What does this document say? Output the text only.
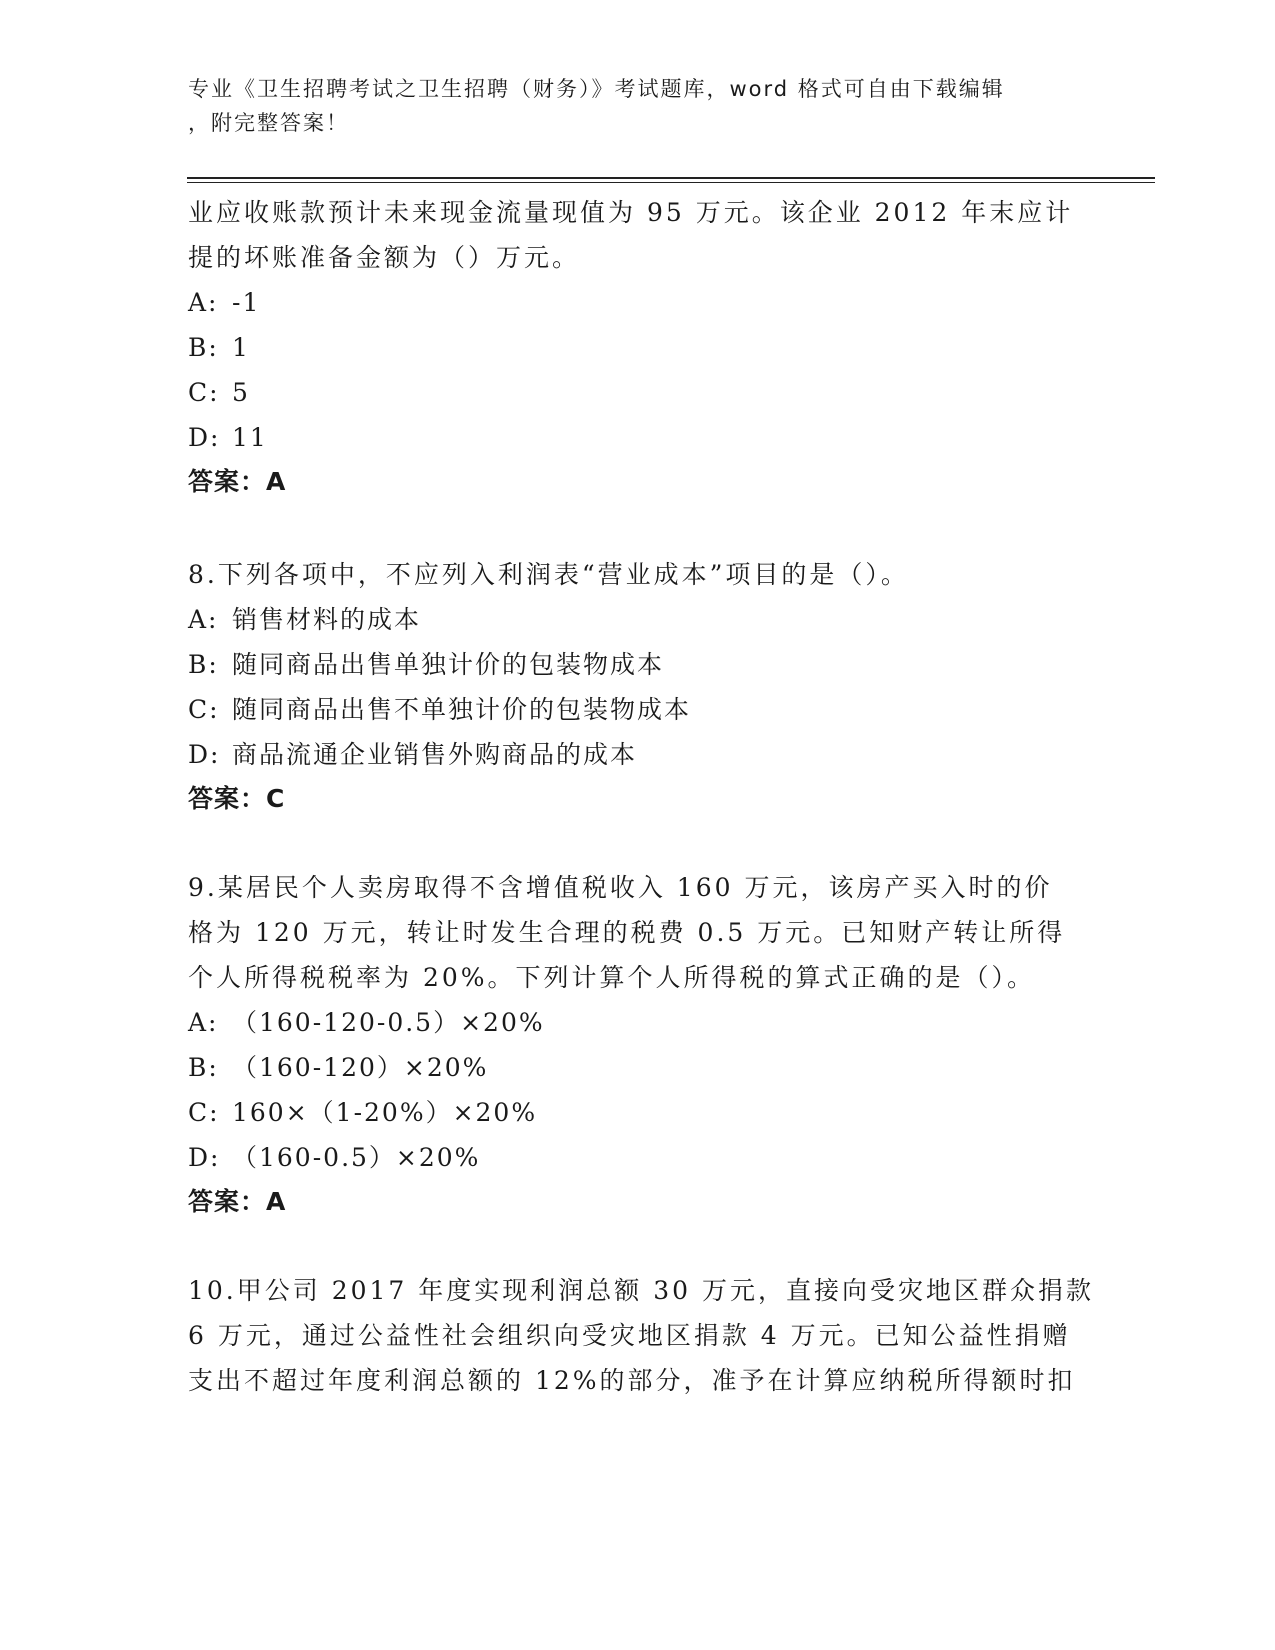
专业《卫生招聘考试之卫生招聘（财务）》考试题库，word 格式可自由下载编辑
，附完整答案！
业应收账款预计未来现金流量现值为 95 万元。该企业 2012 年末应计
提的坏账准备金额为（）万元。
A: -1
B: 1
C: 5
D: 11
答案：A
8.下列各项中，不应列入利润表“营业成本”项目的是（）。
A: 销售材料的成本
B: 随同商品出售单独计价的包装物成本
C: 随同商品出售不单独计价的包装物成本
D: 商品流通企业销售外购商品的成本
答案：C
9.某居民个人卖房取得不含增值税收入 160 万元，该房产买入时的价
格为 120 万元，转让时发生合理的税费 0.5 万元。已知财产转让所得
个人所得税税率为 20%。下列计算个人所得税的算式正确的是（）。
A: （160-120-0.5）×20%
B: （160-120）×20%
C: 160×（1-20%）×20%
D: （160-0.5）×20%
答案：A
10.甲公司 2017 年度实现利润总额 30 万元，直接向受灾地区群众捐款
6 万元，通过公益性社会组织向受灾地区捐款 4 万元。已知公益性捐赠
支出不超过年度利润总额的 12%的部分，准予在计算应纳税所得额时扣
